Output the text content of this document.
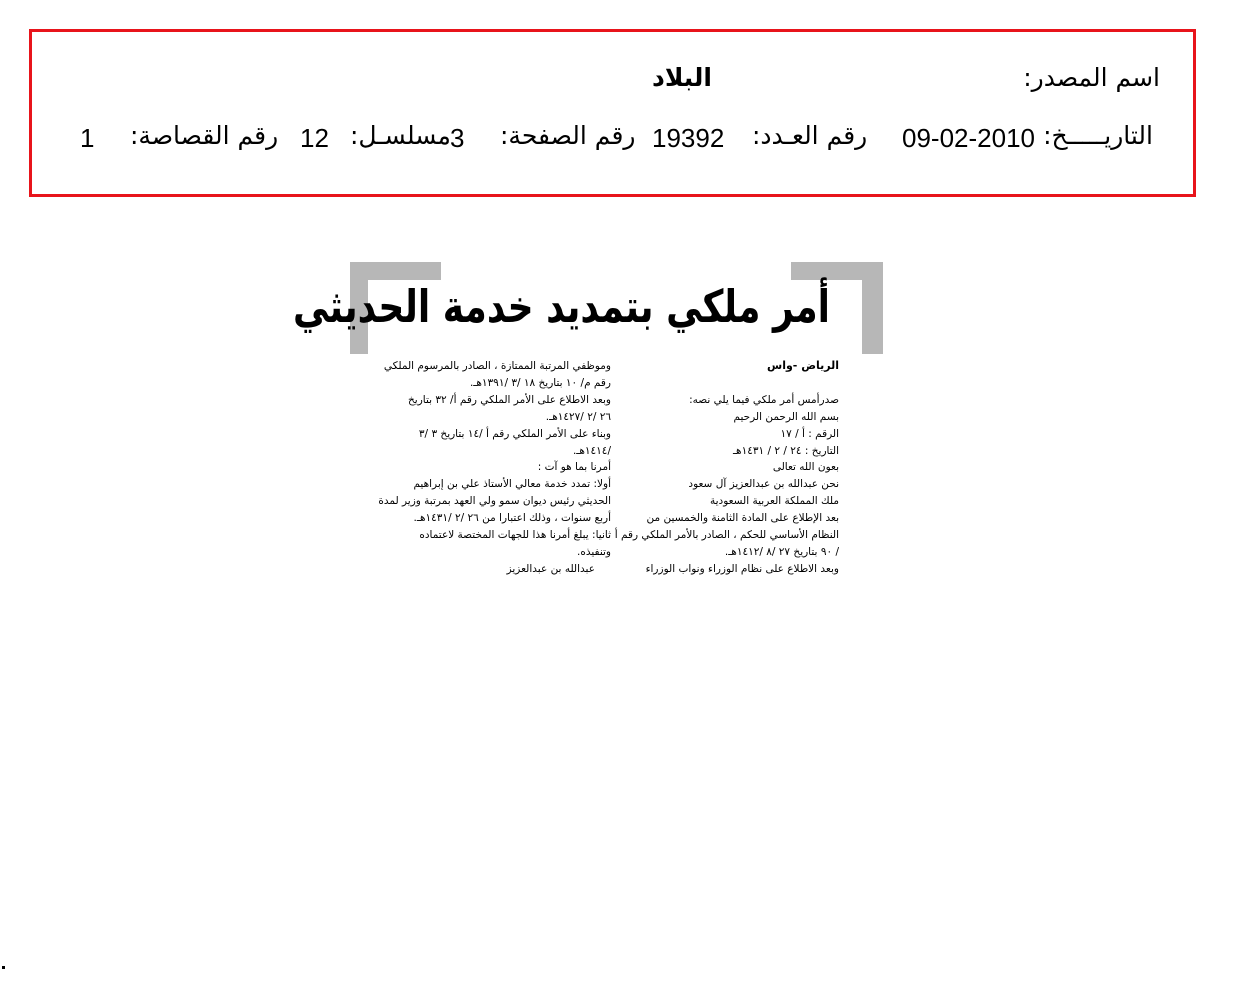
اسم المصدر:
البلاد
التاريـــــخ:
09-02-2010
رقم العـدد:
19392
رقم الصفحة:
3
مسلسـل:
12
رقم القصاصة:
1
أمر ملكي بتمديد خدمة الحديثي
الرياض -واس
صدرأمس أمر ملكي فيما يلي نصه:
بسم الله الرحمن الرحيم
الرقم : أ / ١٧
التاريخ : ٢٤ / ٢ / ١٤٣١هـ
بعون الله تعالى
نحن عبدالله بن عبدالعزيز آل سعود
ملك المملكة العربية السعودية
بعد الإطلاع على المادة الثامنة والخمسين من
النظام الأساسي للحكم ، الصادر بالأمر الملكي رقم أ
/ ٩٠ بتاريخ ٢٧ /٨ /١٤١٢هـ.
وبعد الاطلاع على نظام الوزراء ونواب الوزراء
وموظفي المرتبة الممتازة ، الصادر بالمرسوم الملكي
رقم م/ ١٠ بتاريخ ١٨ /٣ /١٣٩١هـ.
وبعد الاطلاع على الأمر الملكي رقم أ/ ٣٢ بتاريخ
٢٦ /٢ /١٤٢٧هـ.
وبناء على الأمر الملكي رقم أ /١٤ بتاريخ ٣ /٣
/١٤١٤هـ.
أمرنا بما هو آت :
أولا: تمدد خدمة معالي الأستاذ علي بن إبراهيم
الحديثي رئيس ديوان سمو ولي العهد بمرتبة وزير لمدة
أربع سنوات ، وذلك اعتبارا من ٢٦ /٢ /١٤٣١هـ.
ثانيا: يبلغ أمرنا هذا للجهات المختصة لاعتماده
وتنفيذه.
عبدالله بن عبدالعزيز
